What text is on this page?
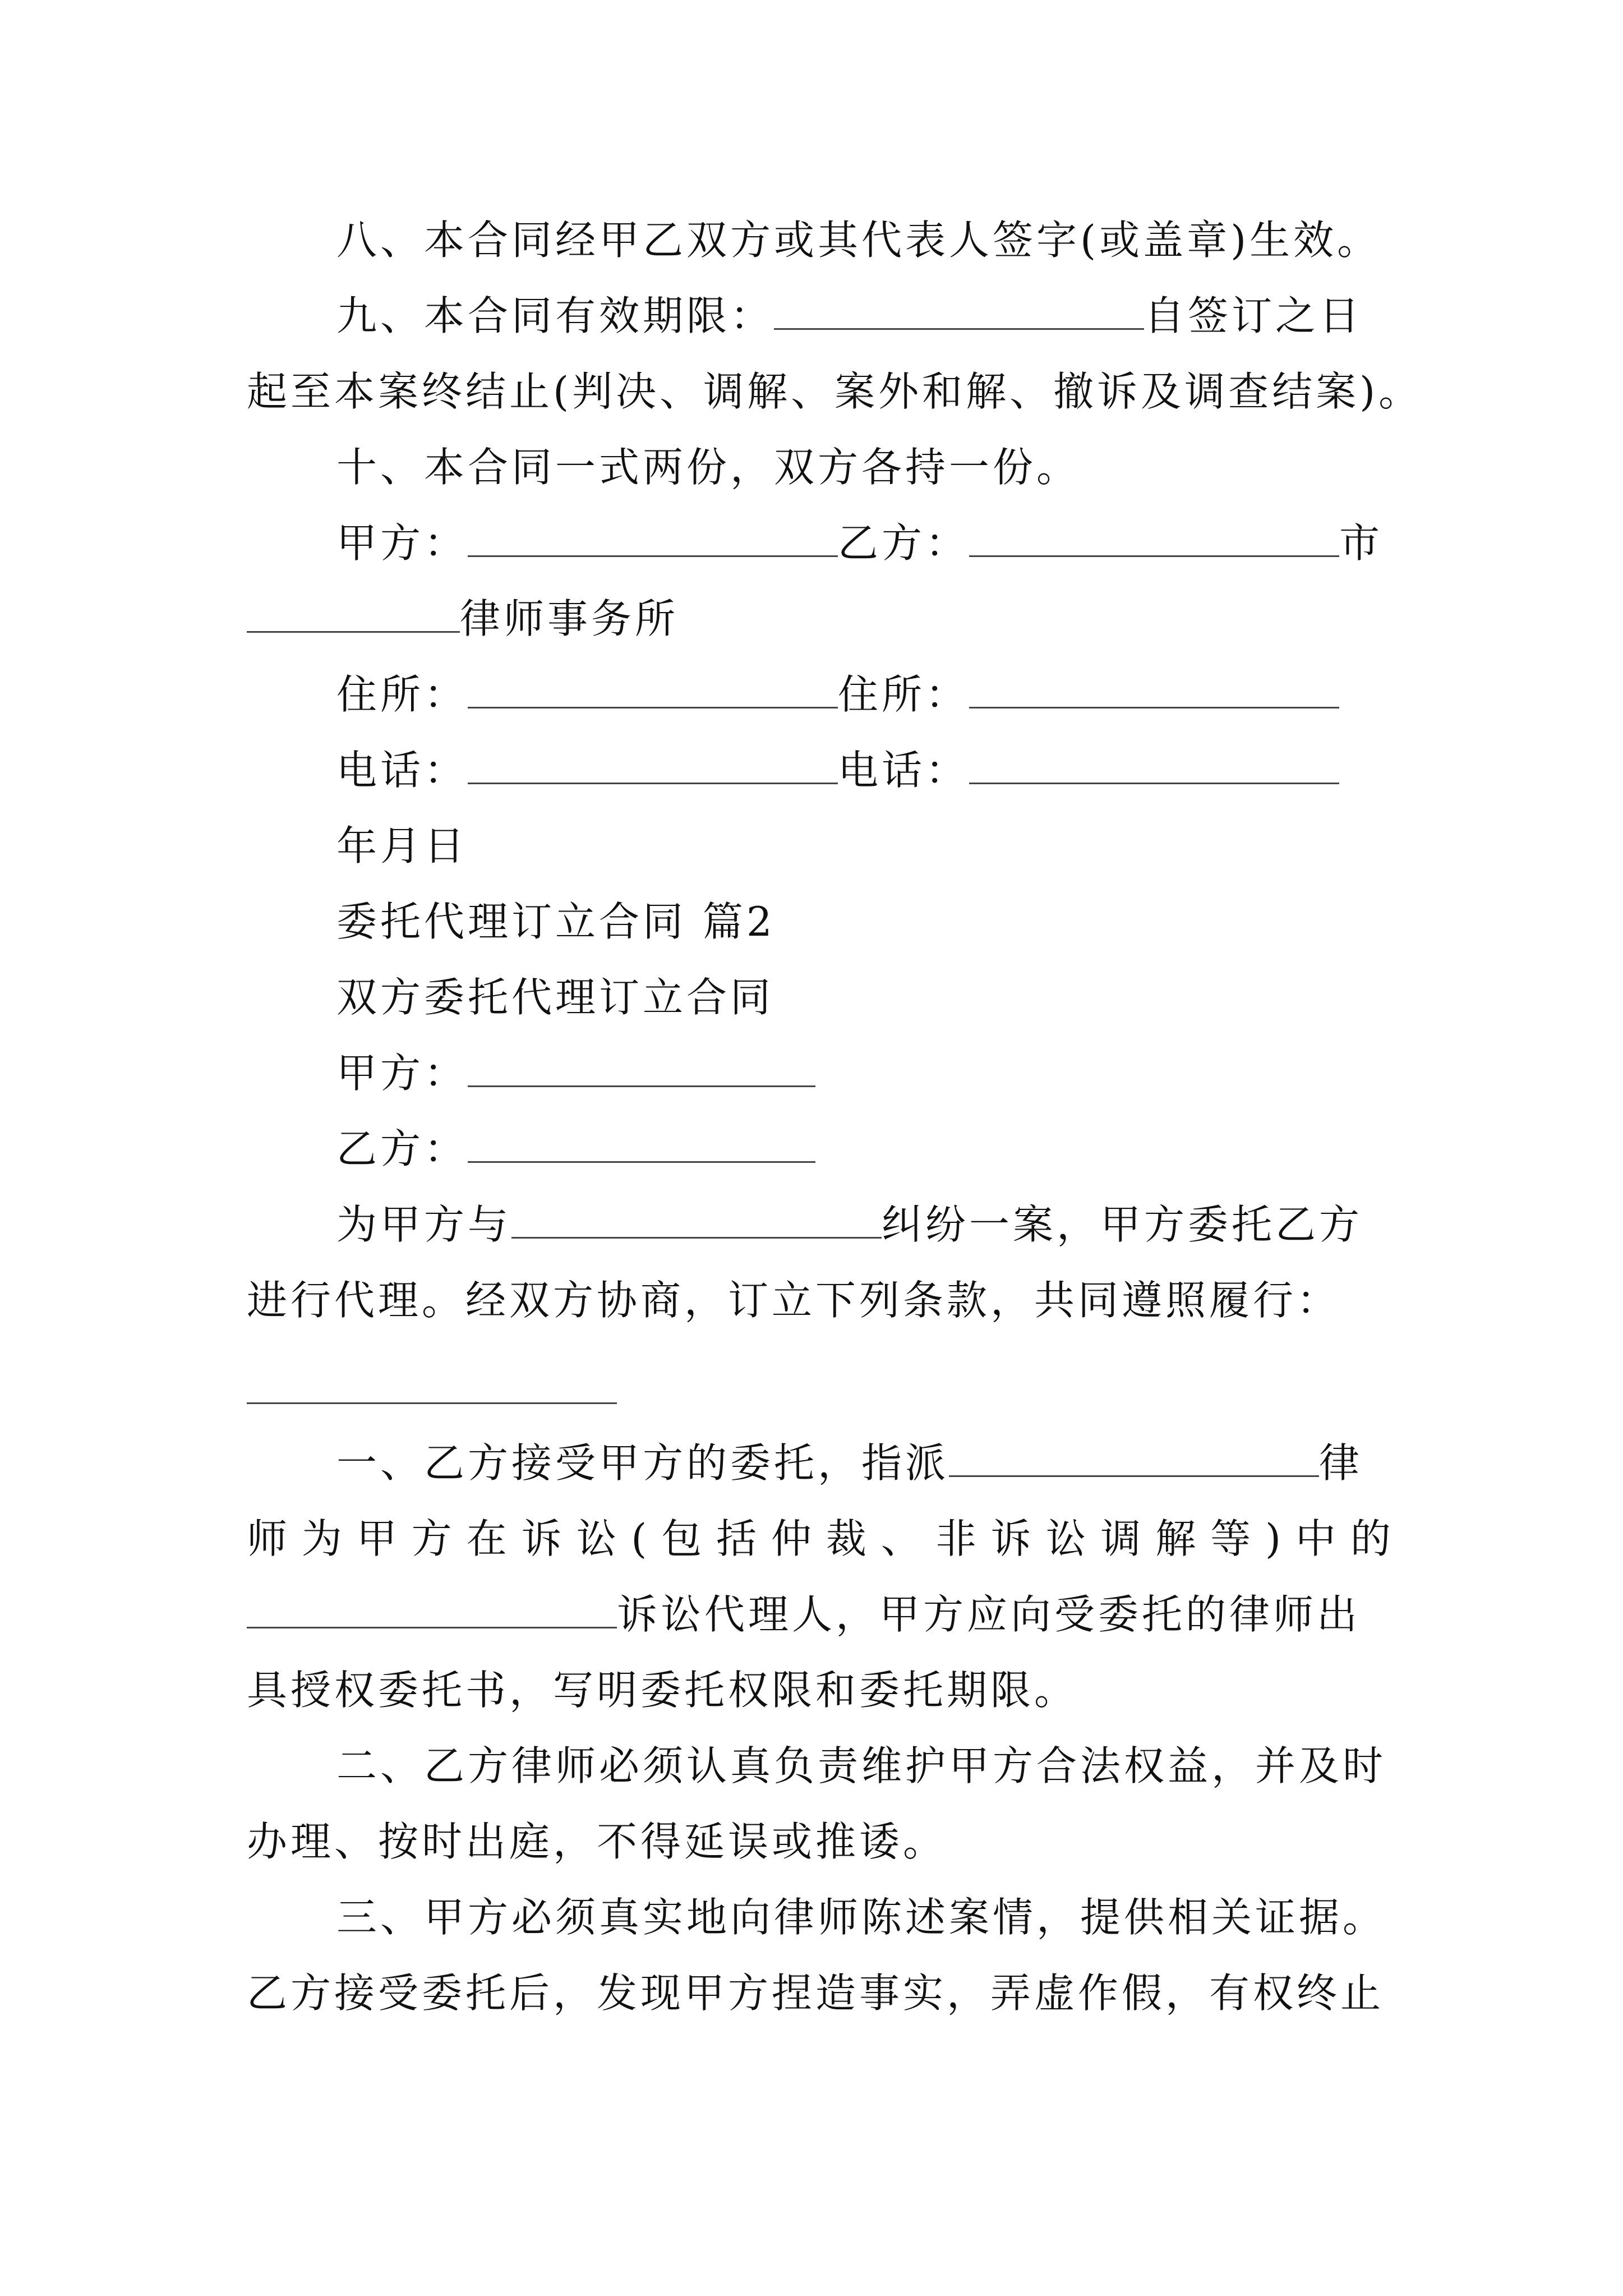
八、本合同经甲乙双方或其代表人签字(或盖章)生效。
九、本合同有效期限：	自签订之日
起至本案终结止(判决、调解、案外和解、撤诉及调查结案)。
十、本合同一式两份，双方各持一份。
甲方：	乙方：	市
律师事务所
住所：	住所：
电话：	电话：
年月日
委托代理订立合同 篇2
双方委托代理订立合同
甲方：
乙方：
为甲方与	纠纷一案，甲方委托乙方
进行代理。经双方协商，订立下列条款，共同遵照履行：
一、乙方接受甲方的委托，指派	律
师 为 甲 方 在 诉 讼 ( 包 括 仲 裁 、 非 诉 讼 调 解 等 ) 中 的
诉讼代理人，甲方应向受委托的律师出
具授权委托书，写明委托权限和委托期限。
二、乙方律师必须认真负责维护甲方合法权益，并及时
办理、按时出庭，不得延误或推诿。
三、甲方必须真实地向律师陈述案情，提供相关证据。
乙方接受委托后，发现甲方捏造事实，弄虚作假，有权终止
